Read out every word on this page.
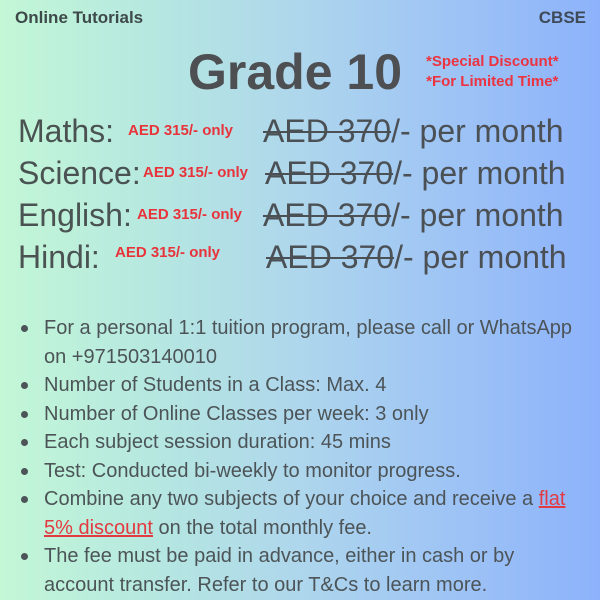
Online Tutorials	CBSE
Grade 10 *Special Discount*
*For Limited Time*
Maths: AED 315/- only AED 370/- per month
Science: AED 315/- only AED 370/- per month
English: AED 315/- only AED 370/- per month
Hindi: AED 315/- only AED 370/- per month
For a personal 1:1 tuition program, please call or WhatsApp on +971503140010
Number of Students in a Class: Max. 4
Number of Online Classes per week: 3 only
Each subject session duration: 45 mins
Test: Conducted bi-weekly to monitor progress.
Combine any two subjects of your choice and receive a flat 5% discount on the total monthly fee.
The fee must be paid in advance, either in cash or by account transfer. Refer to our T&Cs to learn more.
